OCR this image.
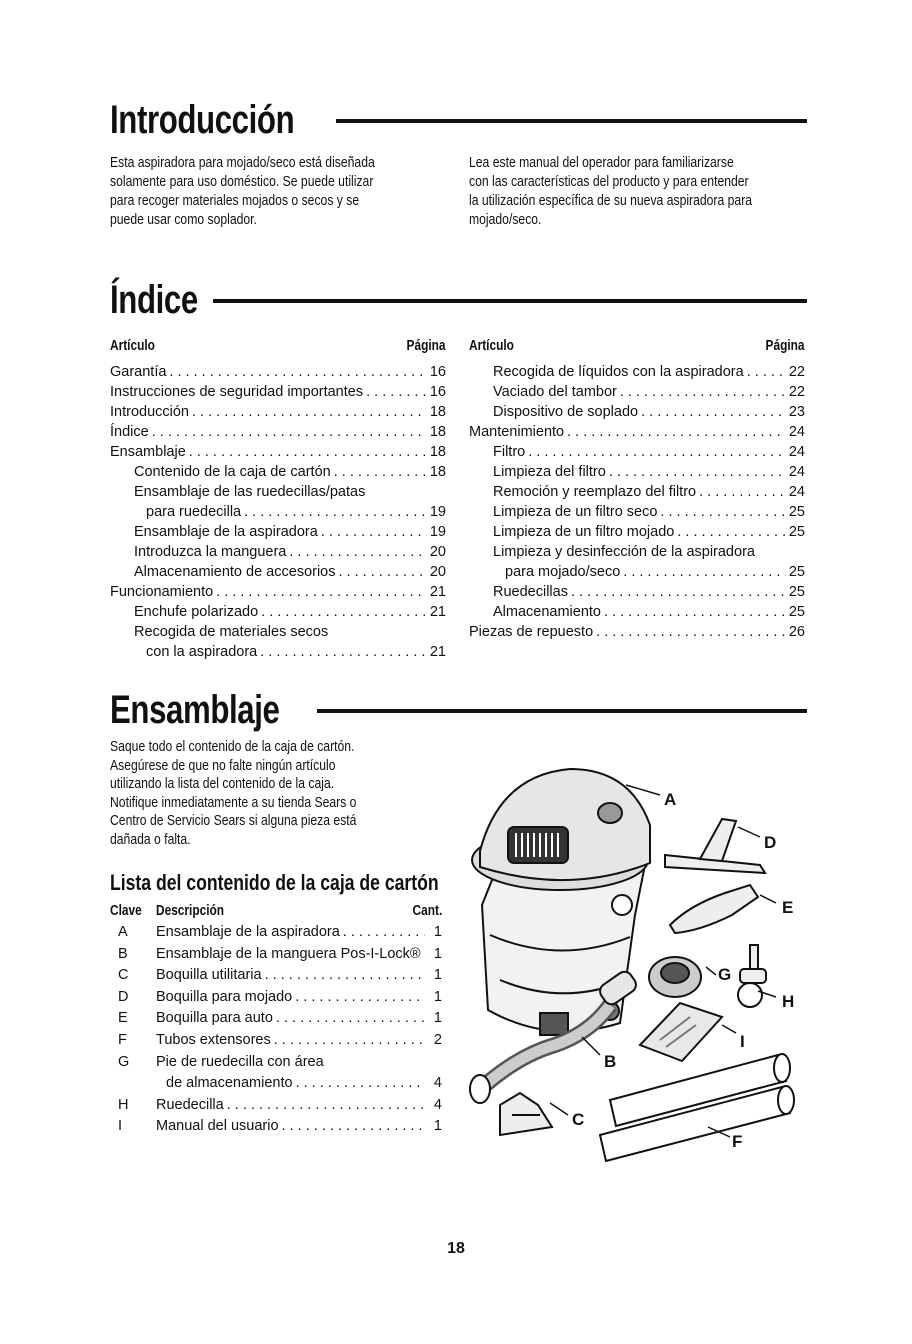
Introducción
Esta aspiradora para mojado/seco está diseñada
solamente para uso doméstico. Se puede utilizar
para recoger materiales mojados o secos y se
puede usar como soplador.
Lea este manual del operador para familiarizarse
con las características del producto y para entender
la utilización específica de su nueva aspiradora para
mojado/seco.
Índice
Artículo	Página
Garantía . . .	16
Instrucciones de seguridad importantes . . .	16
Introducción . . .	18
Índice . . .	18
Ensamblaje . . .	18
Contenido de la caja de cartón . . .	18
Ensamblaje de las ruedecillas/patas
para ruedecilla . . .	19
Ensamblaje de la aspiradora . . .	19
Introduzca la manguera . . .	20
Almacenamiento de accesorios . . .	20
Funcionamiento . . .	21
Enchufe polarizado . . .	21
Recogida de materiales secos
con la aspiradora . . .	21
Artículo	Página
Recogida de líquidos con la aspiradora . . .	22
Vaciado del tambor . . .	22
Dispositivo de soplado . . .	23
Mantenimiento . . .	24
Filtro . . .	24
Limpieza del filtro . . .	24
Remoción y reemplazo del filtro . . .	24
Limpieza de un filtro seco . . .	25
Limpieza de un filtro mojado . . .	25
Limpieza y desinfección de la aspiradora
para mojado/seco . . .	25
Ruedecillas . . .	25
Almacenamiento . . .	25
Piezas de repuesto . . .	26
Ensamblaje
Saque todo el contenido de la caja de cartón.
Asegúrese de que no falte ningún artículo
utilizando la lista del contenido de la caja.
Notifique inmediatamente a su tienda Sears o
Centro de Servicio Sears si alguna pieza está
dañada o falta.
Lista del contenido de la caja de cartón
Clave Descripción	Cant.
A	Ensamblaje de la aspiradora . . .	1
B	Ensamblaje de la manguera Pos-I-Lock® . . . 1
C	Boquilla utilitaria . . .	1
D	Boquilla para mojado . . .	1
E	Boquilla para auto . . .	1
F	Tubos extensores . . .	2
G	Pie de ruedecilla con área
de almacenamiento . . .	4
H	Ruedecilla . . .	4
I	Manual del usuario . . .	1
A
D
E
G
H
I
B
C
F
18
